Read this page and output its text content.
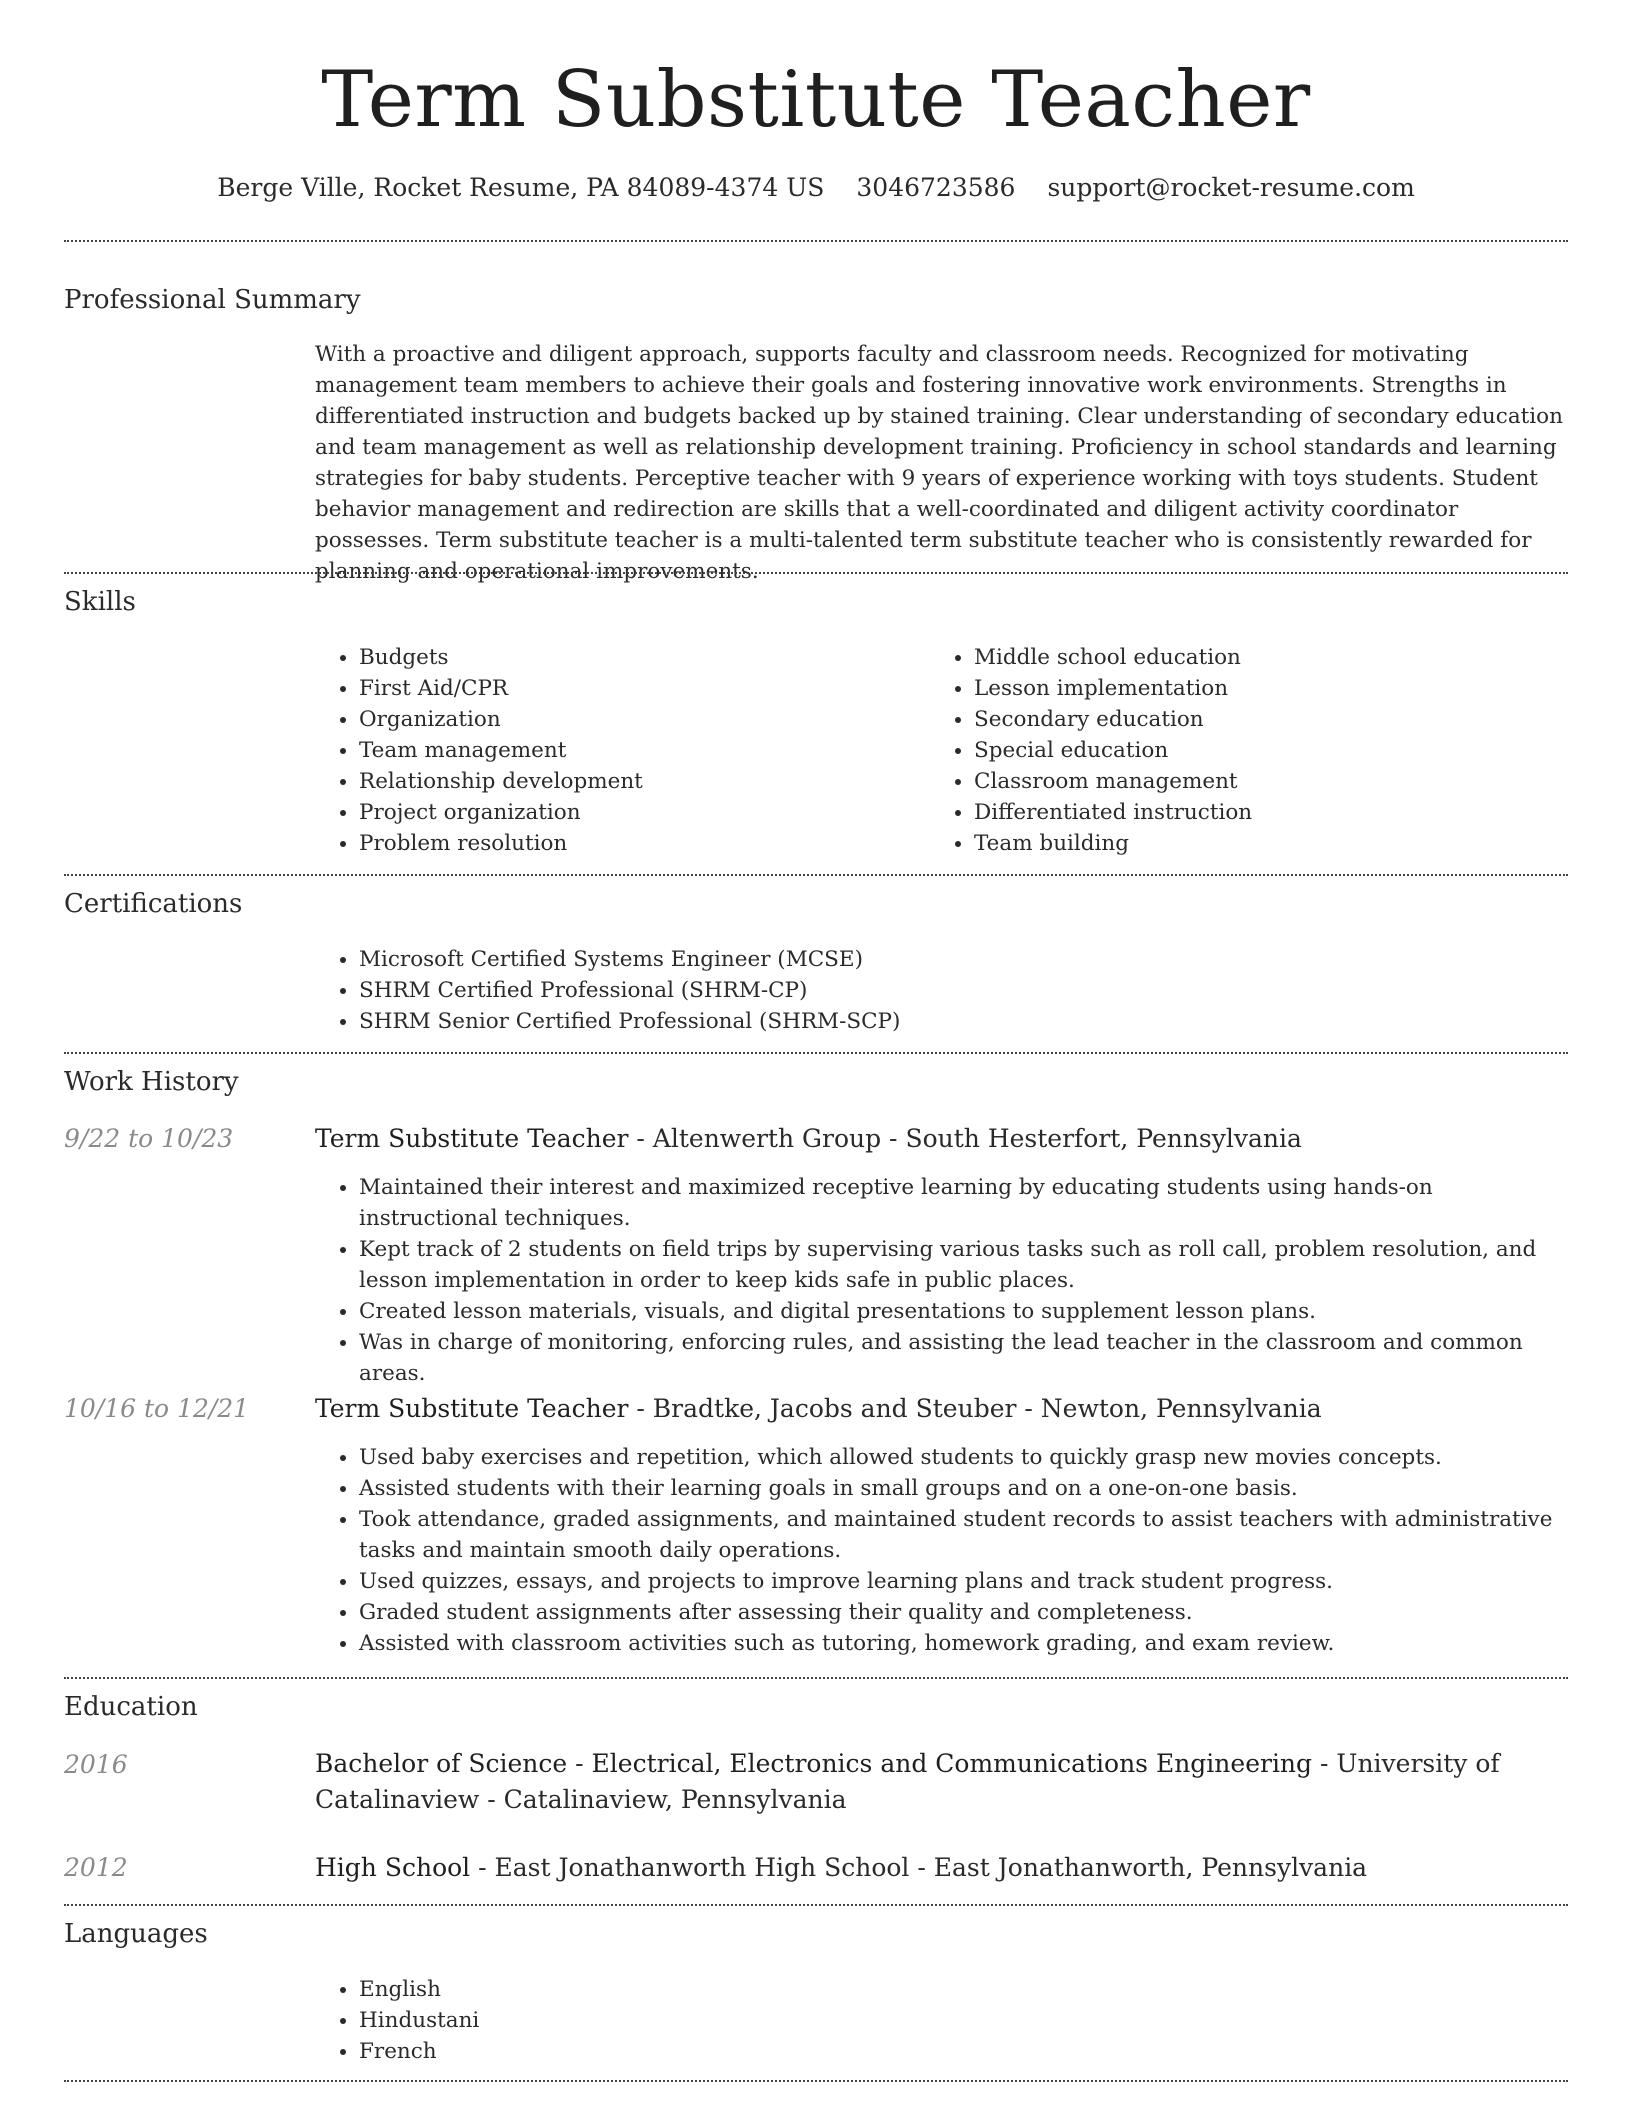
Term Substitute Teacher
Berge Ville, Rocket Resume, PA 84089-4374 US 3046723586 support@rocket-resume.com
Professional Summary
With a proactive and diligent approach, supports faculty and classroom needs. Recognized for motivating management team members to achieve their goals and fostering innovative work environments. Strengths in differentiated instruction and budgets backed up by stained training. Clear understanding of secondary education and team management as well as relationship development training. Proficiency in school standards and learning strategies for baby students. Perceptive teacher with 9 years of experience working with toys students. Student behavior management and redirection are skills that a well-coordinated and diligent activity coordinator possesses. Term substitute teacher is a multi-talented term substitute teacher who is consistently rewarded for planning and operational improvements.
Skills
• Budgets
• First Aid/CPR
• Organization
• Team management
• Relationship development
• Project organization
• Problem resolution
• Middle school education
• Lesson implementation
• Secondary education
• Special education
• Classroom management
• Differentiated instruction
• Team building
Certifications
• Microsoft Certified Systems Engineer (MCSE)
• SHRM Certified Professional (SHRM-CP)
• SHRM Senior Certified Professional (SHRM-SCP)
Work History
9/22 to 10/23	Term Substitute Teacher - Altenwerth Group - South Hesterfort, Pennsylvania
• Maintained their interest and maximized receptive learning by educating students using hands-on instructional techniques.
• Kept track of 2 students on field trips by supervising various tasks such as roll call, problem resolution, and lesson implementation in order to keep kids safe in public places.
• Created lesson materials, visuals, and digital presentations to supplement lesson plans.
• Was in charge of monitoring, enforcing rules, and assisting the lead teacher in the classroom and common areas.
10/16 to 12/21	Term Substitute Teacher - Bradtke, Jacobs and Steuber - Newton, Pennsylvania
• Used baby exercises and repetition, which allowed students to quickly grasp new movies concepts.
• Assisted students with their learning goals in small groups and on a one-on-one basis.
• Took attendance, graded assignments, and maintained student records to assist teachers with administrative tasks and maintain smooth daily operations.
• Used quizzes, essays, and projects to improve learning plans and track student progress.
• Graded student assignments after assessing their quality and completeness.
• Assisted with classroom activities such as tutoring, homework grading, and exam review.
Education
2016	Bachelor of Science - Electrical, Electronics and Communications Engineering - University of Catalinaview - Catalinaview, Pennsylvania
2012	High School - East Jonathanworth High School - East Jonathanworth, Pennsylvania
Languages
• English
• Hindustani
• French
